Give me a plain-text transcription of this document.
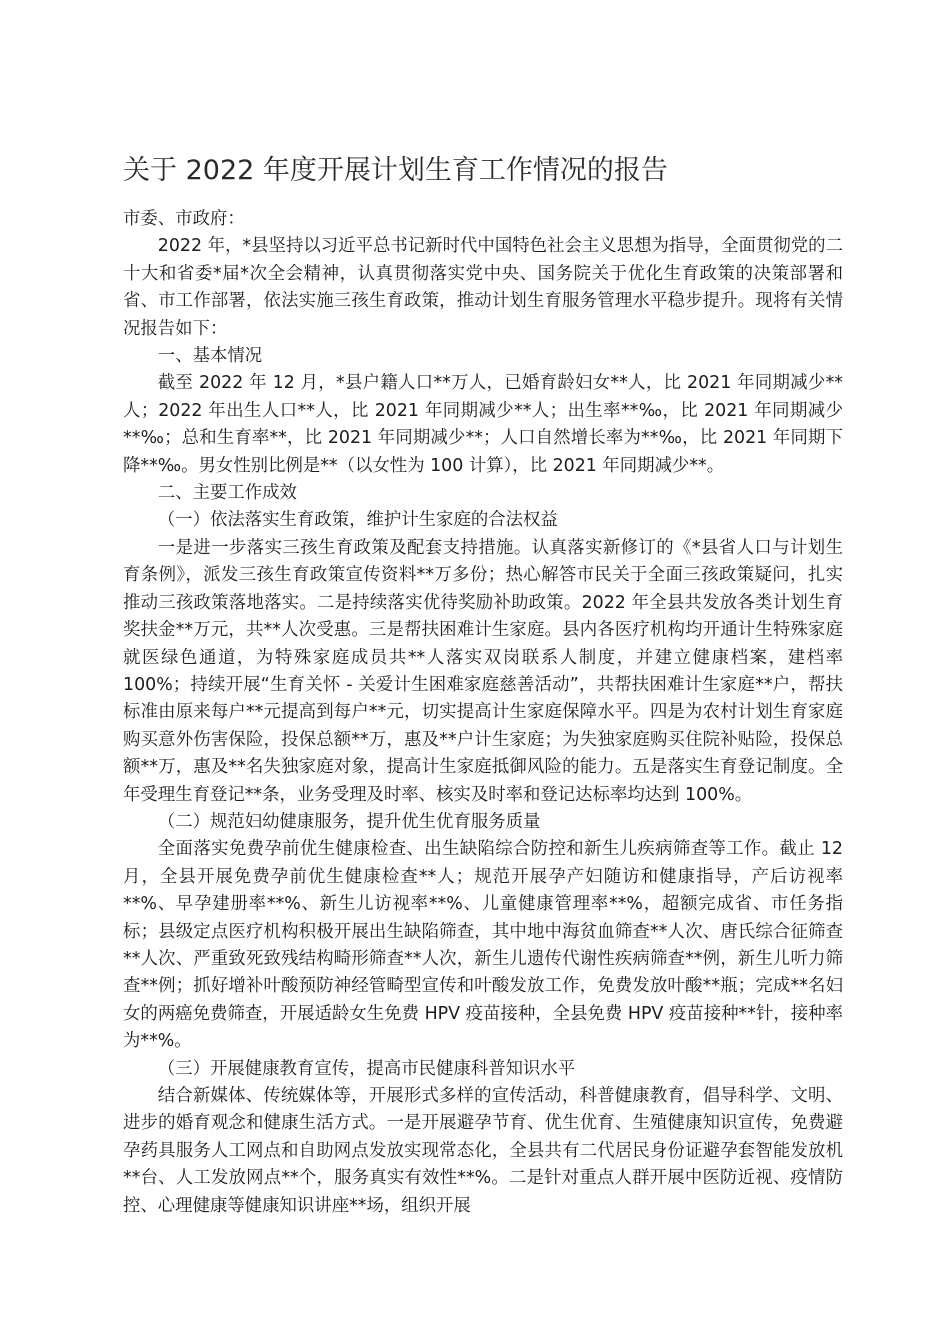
关于 2022 年度开展计划生育工作情况的报告

市委、市政府：

2022 年，*县坚持以习近平总书记新时代中国特色社会主义思想为指导，全面贯彻党的二十大和省委*届*次全会精神，认真贯彻落实党中央、国务院关于优化生育政策的决策部署和省、市工作部署，依法实施三孩生育政策，推动计划生育服务管理水平稳步提升。现将有关情况报告如下：

一、基本情况

截至 2022 年 12 月，*县户籍人口**万人，已婚育龄妇女**人，比 2021 年同期减少**人；2022 年出生人口**人，比 2021 年同期减少**人；出生率**‰，比 2021 年同期减少**‰；总和生育率**，比 2021 年同期减少**；人口自然增长率为**‰，比 2021 年同期下降**‰。男女性别比例是**（以女性为 100 计算），比 2021 年同期减少**。

二、主要工作成效

（一）依法落实生育政策，维护计生家庭的合法权益

一是进一步落实三孩生育政策及配套支持措施。认真落实新修订的《*县省人口与计划生育条例》，派发三孩生育政策宣传资料**万多份；热心解答市民关于全面三孩政策疑问，扎实推动三孩政策落地落实。二是持续落实优待奖励补助政策。2022 年全县共发放各类计划生育奖扶金**万元，共**人次受惠。三是帮扶困难计生家庭。县内各医疗机构均开通计生特殊家庭就医绿色通道，为特殊家庭成员共**人落实双岗联系人制度，并建立健康档案，建档率 100%；持续开展“生育关怀 - 关爱计生困难家庭慈善活动”，共帮扶困难计生家庭**户，帮扶标准由原来每户**元提高到每户**元，切实提高计生家庭保障水平。四是为农村计划生育家庭购买意外伤害保险，投保总额**万，惠及**户计生家庭；为失独家庭购买住院补贴险，投保总额**万，惠及**名失独家庭对象，提高计生家庭抵御风险的能力。五是落实生育登记制度。全年受理生育登记**条，业务受理及时率、核实及时率和登记达标率均达到 100%。

（二）规范妇幼健康服务，提升优生优育服务质量

全面落实免费孕前优生健康检查、出生缺陷综合防控和新生儿疾病筛查等工作。截止 12 月，全县开展免费孕前优生健康检查**人；规范开展孕产妇随访和健康指导，产后访视率**%、早孕建册率**%、新生儿访视率**%、儿童健康管理率**%，超额完成省、市任务指标；县级定点医疗机构积极开展出生缺陷筛查，其中地中海贫血筛查**人次、唐氏综合征筛查**人次、严重致死致残结构畸形筛查**人次，新生儿遗传代谢性疾病筛查**例，新生儿听力筛查**例；抓好增补叶酸预防神经管畸型宣传和叶酸发放工作，免费发放叶酸**瓶；完成**名妇女的两癌免费筛查，开展适龄女生免费 HPV 疫苗接种，全县免费 HPV 疫苗接种**针，接种率为**%。

（三）开展健康教育宣传，提高市民健康科普知识水平

结合新媒体、传统媒体等，开展形式多样的宣传活动，科普健康教育，倡导科学、文明、进步的婚育观念和健康生活方式。一是开展避孕节育、优生优育、生殖健康知识宣传，免费避孕药具服务人工网点和自助网点发放实现常态化，全县共有二代居民身份证避孕套智能发放机**台、人工发放网点**个，服务真实有效性**%。二是针对重点人群开展中医防近视、疫情防控、心理健康等健康知识讲座**场，组织开展
